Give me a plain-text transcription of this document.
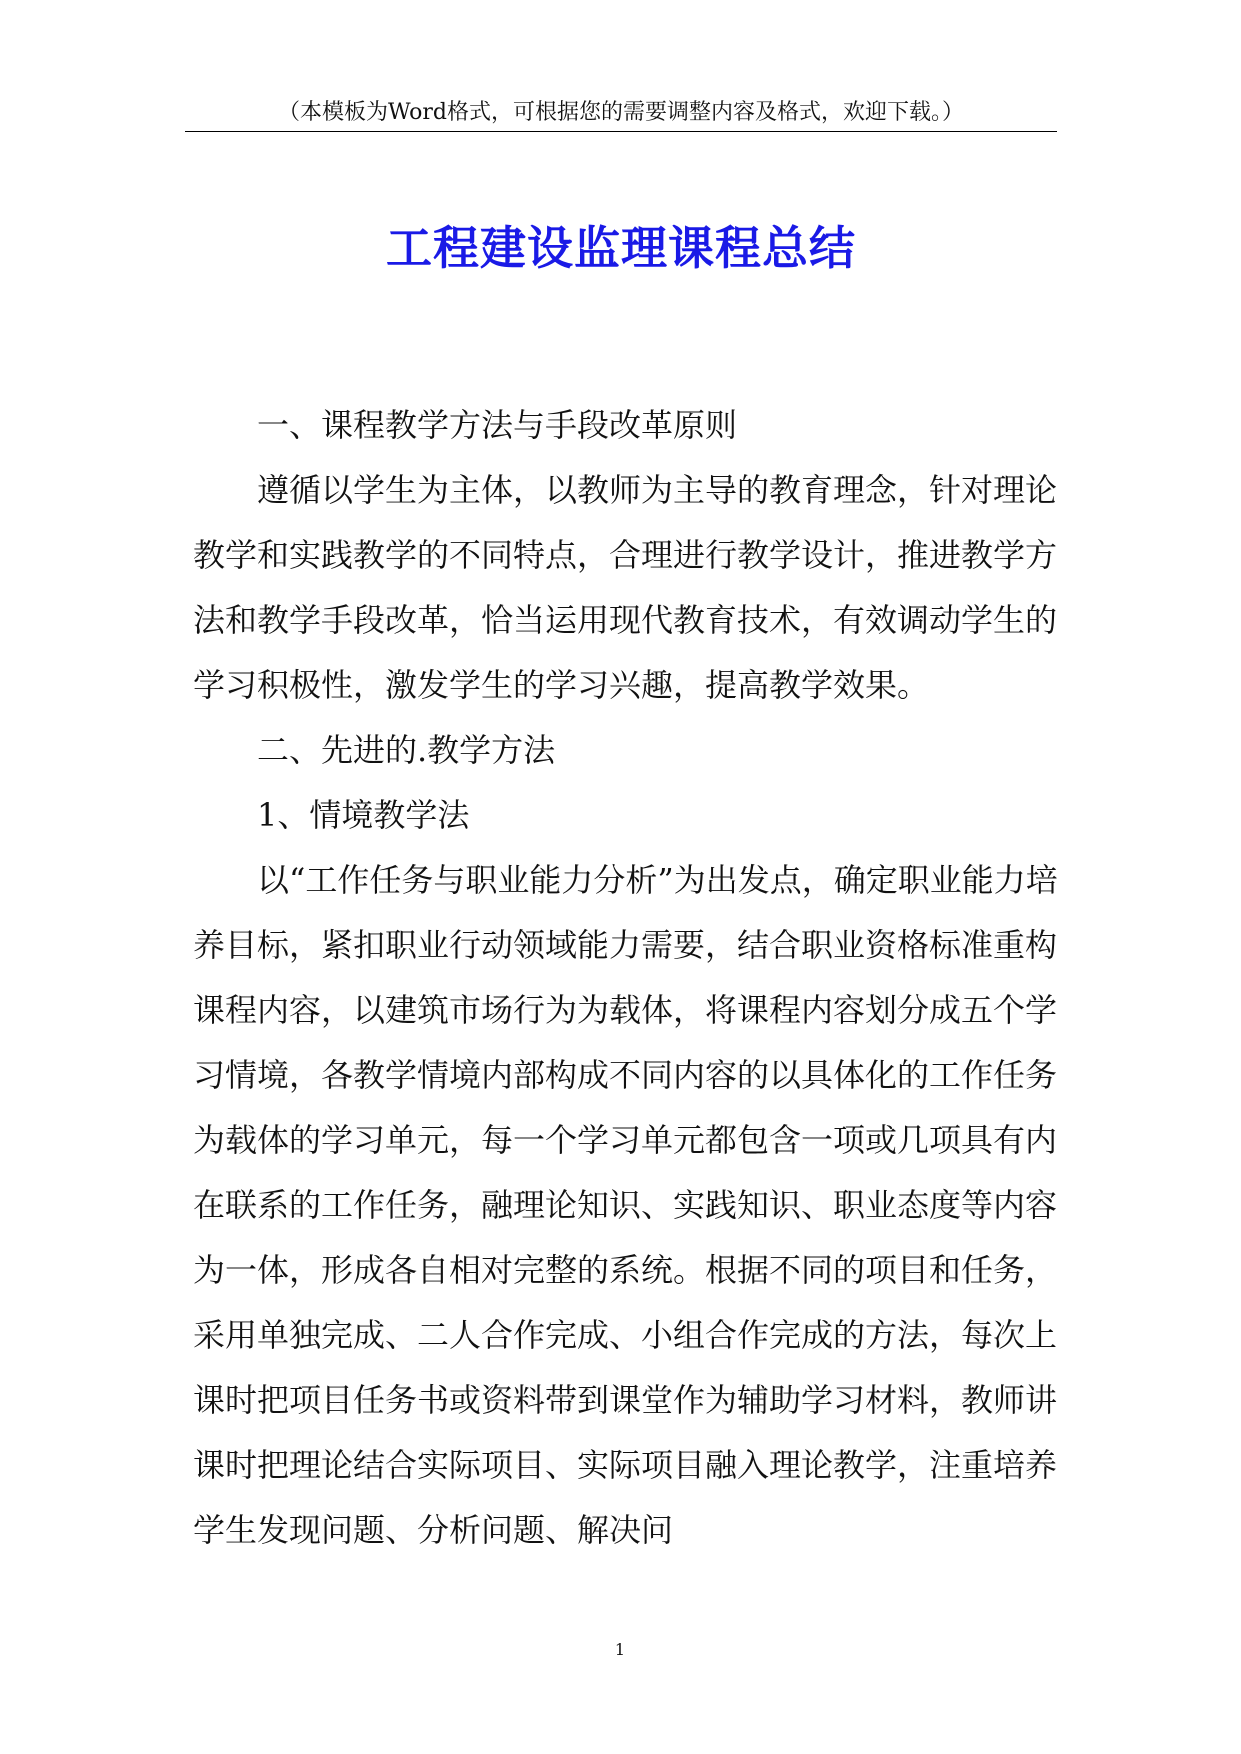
（本模板为Word格式，可根据您的需要调整内容及格式，欢迎下载。）
工程建设监理课程总结

一、课程教学方法与手段改革原则

遵循以学生为主体，以教师为主导的教育理念，针对理论教学和实践教学的不同特点，合理进行教学设计，推进教学方法和教学手段改革，恰当运用现代教育技术，有效调动学生的学习积极性，激发学生的学习兴趣，提高教学效果。

二、先进的.教学方法

1、情境教学法

以“工作任务与职业能力分析”为出发点，确定职业能力培养目标，紧扣职业行动领域能力需要，结合职业资格标准重构课程内容，以建筑市场行为为载体，将课程内容划分成五个学习情境，各教学情境内部构成不同内容的以具体化的工作任务为载体的学习单元，每一个学习单元都包含一项或几项具有内在联系的工作任务，融理论知识、实践知识、职业态度等内容为一体，形成各自相对完整的系统。根据不同的项目和任务，采用单独完成、二人合作完成、小组合作完成的方法，每次上课时把项目任务书或资料带到课堂作为辅助学习材料，教师讲课时把理论结合实际项目、实际项目融入理论教学，注重培养学生发现问题、分析问题、解决问

1
